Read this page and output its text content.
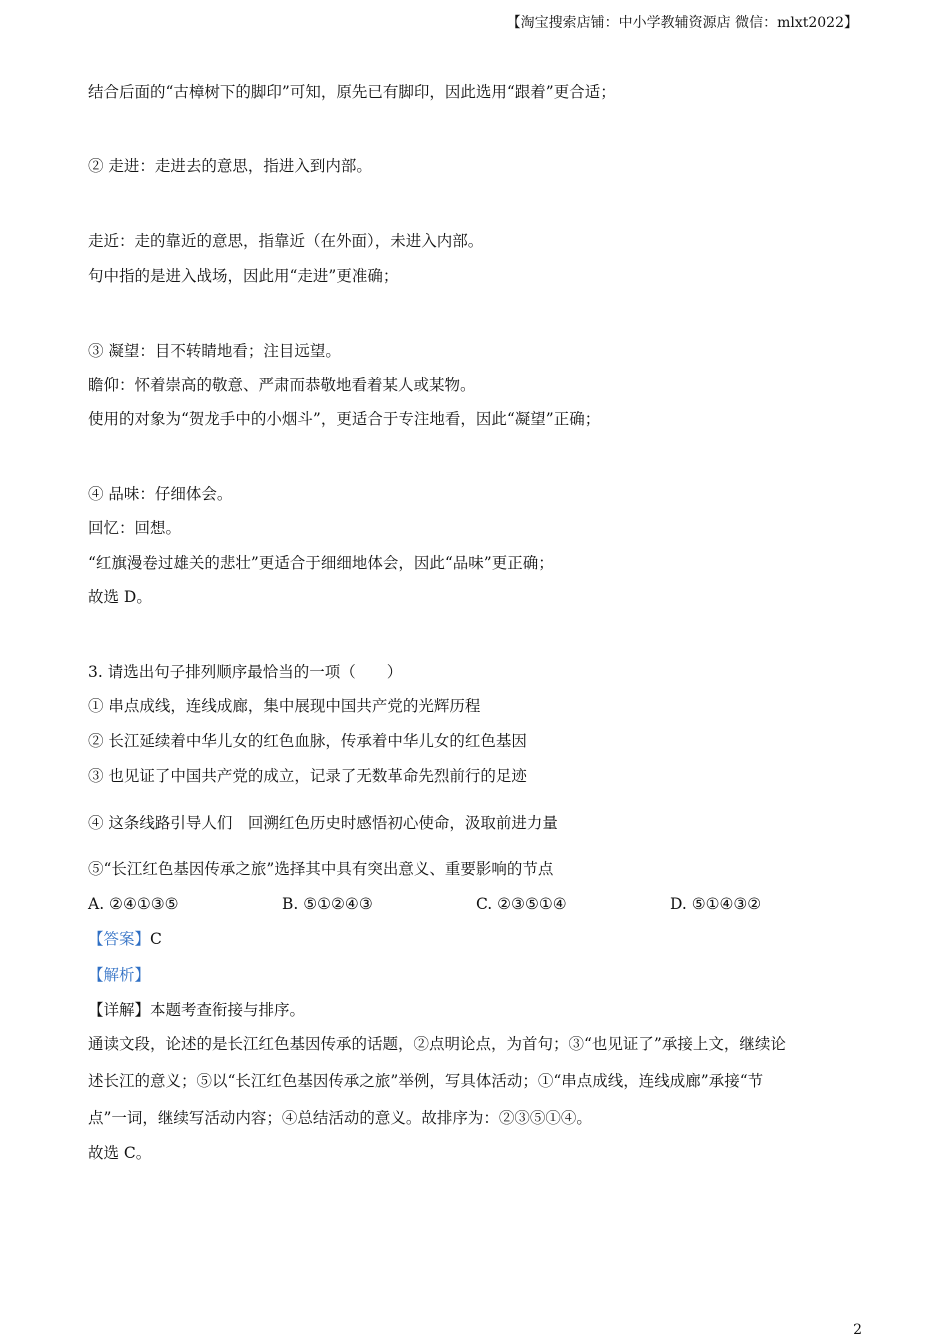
【淘宝搜索店铺：中小学教辅资源店 微信：mlxt2022】
结合后面的“古樟树下的脚印”可知，原先已有脚印，因此选用“跟着”更合适；
② 走进：走进去的意思，指进入到内部。
走近：走的靠近的意思，指靠近（在外面），未进入内部。
句中指的是进入战场，因此用“走进”更准确；
③ 凝望：目不转睛地看；注目远望。
瞻仰：怀着崇高的敬意、严肃而恭敬地看着某人或某物。
使用的对象为“贺龙手中的小烟斗”，更适合于专注地看，因此“凝望”正确；
④ 品味：仔细体会。
回忆：回想。
“红旗漫卷过雄关的悲壮”更适合于细细地体会，因此“品味”更正确；
故选 D。
3. 请选出句子排列顺序最恰当的一项（　　）
① 串点成线，连线成廊，集中展现中国共产党的光辉历程
② 长江延续着中华儿女的红色血脉，传承着中华儿女的红色基因
③ 也见证了中国共产党的成立，记录了无数革命先烈前行的足迹
④ 这条线路引导人们　回溯红色历史时感悟初心使命，汲取前进力量
⑤“长江红色基因传承之旅”选择其中具有突出意义、重要影响的节点
A. ②④①③⑤	B. ⑤①②④③	C. ②③⑤①④	D. ⑤①④③②
【答案】C
【解析】
【详解】本题考查衔接与排序。
通读文段，论述的是长江红色基因传承的话题，②点明论点，为首句；③“也见证了”承接上文，继续论
述长江的意义；⑤以“长江红色基因传承之旅”举例，写具体活动；①“串点成线，连线成廊”承接“节
点”一词，继续写活动内容；④总结活动的意义。故排序为：②③⑤①④。
故选 C。
2
